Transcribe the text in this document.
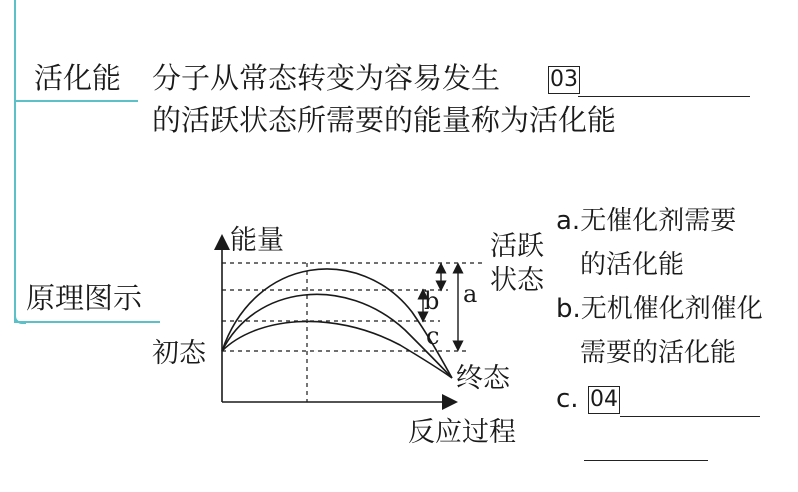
活化能 分子从常态转变为容易发生 03
的活跃状态所需要的能量称为活化能
原理图示
能量
反应过程
初态
终态
活跃
状态
a
b
c
a.无催化剂需要
的活化能
b.无机催化剂催化
需要的活化能
c. 04
